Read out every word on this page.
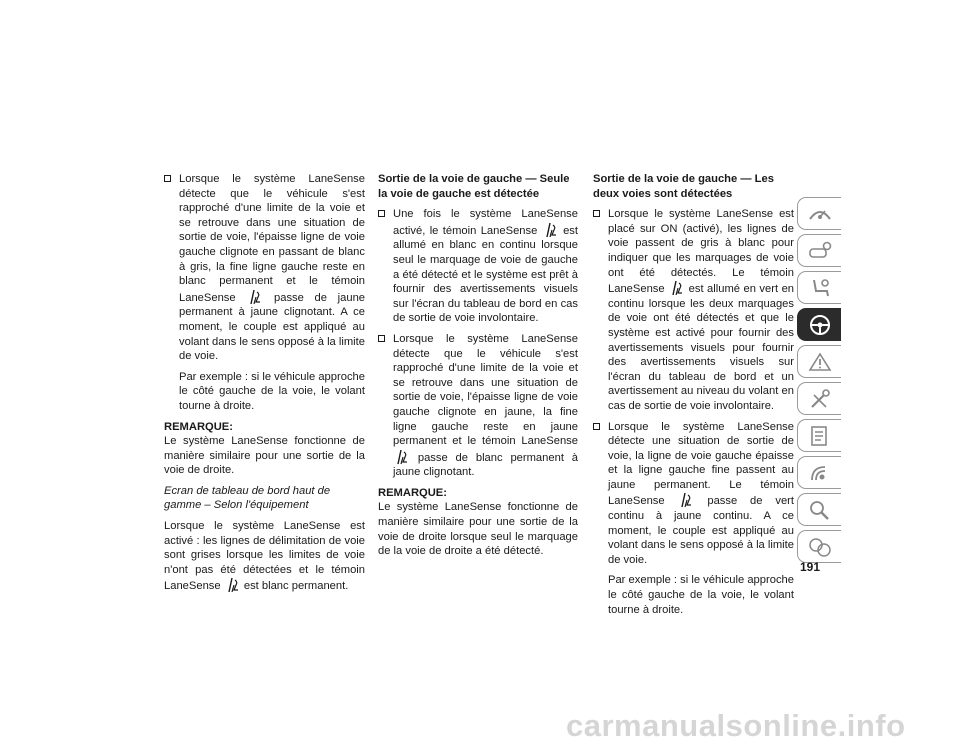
Lorsque le système LaneSense détecte que le véhicule s'est rapproché d'une limite de la voie et se retrouve dans une situation de sortie de voie, l'épaisse ligne de voie gauche clignote en passant de blanc à gris, la fine ligne gauche reste en blanc permanent et le témoin LaneSense	passe de jaune permanent à jaune clignotant. A ce moment, le couple est appliqué au volant dans le sens opposé à la limite de voie.
Par exemple : si le véhicule approche le côté gauche de la voie, le volant tourne à droite.
REMARQUE:
Le système LaneSense fonctionne de manière similaire pour une sortie de la voie de droite.
Ecran de tableau de bord haut de gamme – Selon l'équipement
Lorsque le système LaneSense est activé : les lignes de délimitation de voie sont grises lorsque les limites de voie n'ont pas été détectées et le témoin LaneSense est blanc permanent.
Sortie de la voie de gauche — Seule la voie de gauche est détectée
Une fois le système LaneSense activé, le témoin LaneSense est allumé en blanc en continu lorsque seul le marquage de voie de gauche a été détecté et le système est prêt à fournir des avertissements visuels sur l'écran du tableau de bord en cas de sortie de voie involontaire.
Lorsque le système LaneSense détecte que le véhicule s'est rapproché d'une limite de la voie et se retrouve dans une situation de sortie de voie, l'épaisse ligne de voie gauche clignote en jaune, la fine ligne gauche reste en jaune permanent et le témoin LaneSense  passe de blanc permanent à jaune clignotant.
REMARQUE:
Le système LaneSense fonctionne de manière similaire pour une sortie de la voie de droite lorsque seul le marquage de la voie de droite a été détecté.
Sortie de la voie de gauche — Les deux voies sont détectées
Lorsque le système LaneSense est placé sur ON (activé), les lignes de voie passent de gris à blanc pour indiquer que les marquages de voie ont été détectés. Le témoin LaneSense est allumé en vert en continu lorsque les deux marquages de voie ont été détectés et que le système est activé pour fournir des avertissements visuels pour fournir des avertissements visuels sur l'écran du tableau de bord et un avertissement au niveau du volant en cas de sortie de voie involontaire.
Lorsque le système LaneSense détecte une situation de sortie de voie, la ligne de voie gauche épaisse et la ligne gauche fine passent au jaune permanent. Le témoin LaneSense	passe de vert continu à jaune continu. A ce moment, le couple est appliqué au volant dans le sens opposé à la limite de voie.
Par exemple : si le véhicule approche le côté gauche de la voie, le volant tourne à droite.
191
carmanualsonline.info
